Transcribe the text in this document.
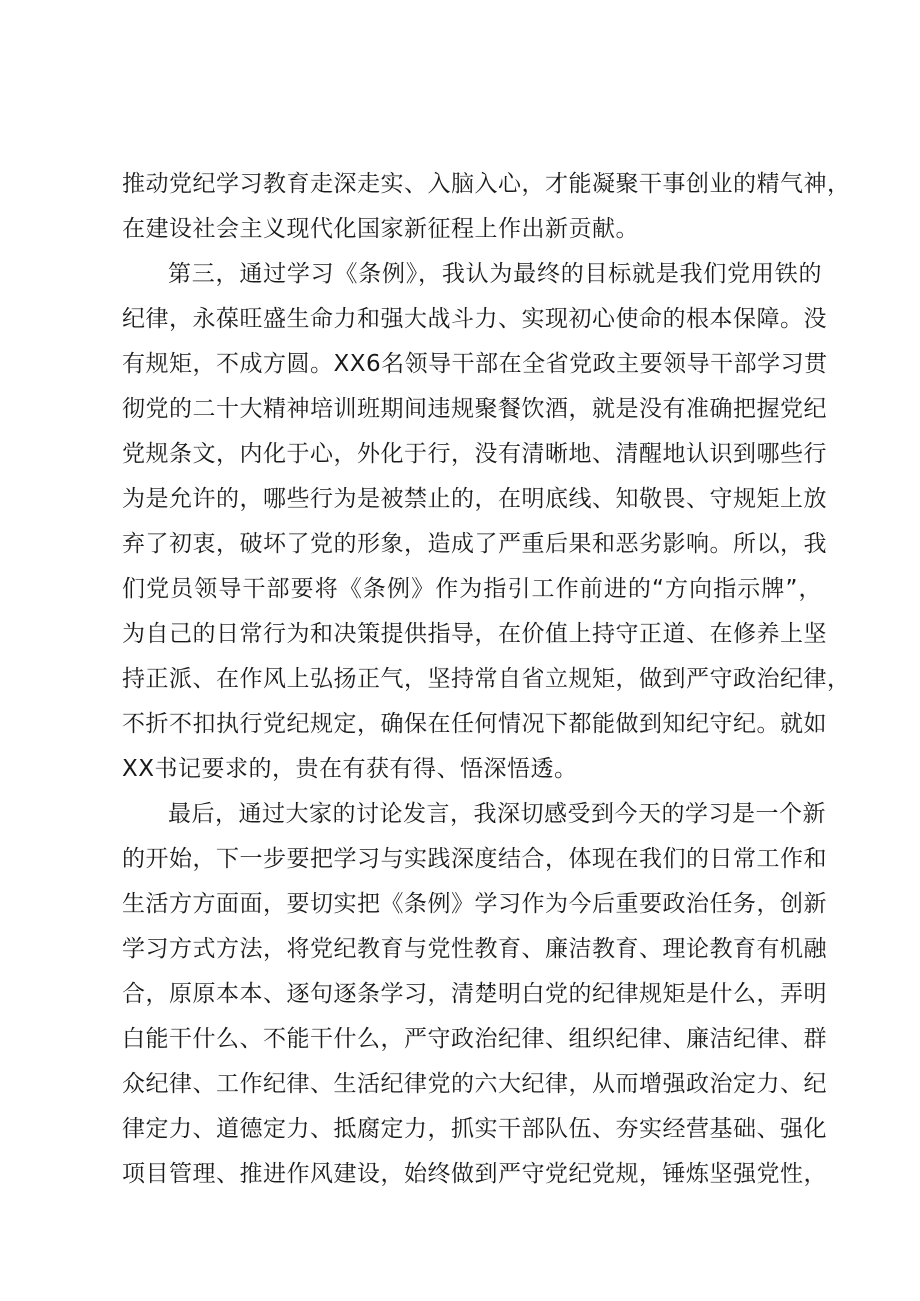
推动党纪学习教育走深走实、入脑入心，才能凝聚干事创业的精气神，
在建设社会主义现代化国家新征程上作出新贡献。
第三，通过学习《条例》，我认为最终的目标就是我们党用铁的
纪律，永葆旺盛生命力和强大战斗力、实现初心使命的根本保障。没
有规矩，不成方圆。XX6名领导干部在全省党政主要领导干部学习贯
彻党的二十大精神培训班期间违规聚餐饮酒，就是没有准确把握党纪
党规条文，内化于心，外化于行，没有清晰地、清醒地认识到哪些行
为是允许的，哪些行为是被禁止的，在明底线、知敬畏、守规矩上放
弃了初衷，破坏了党的形象，造成了严重后果和恶劣影响。所以，我
们党员领导干部要将《条例》作为指引工作前进的“方向指示牌”，
为自己的日常行为和决策提供指导，在价值上持守正道、在修养上坚
持正派、在作风上弘扬正气，坚持常自省立规矩，做到严守政治纪律，
不折不扣执行党纪规定，确保在任何情况下都能做到知纪守纪。就如
XX书记要求的，贵在有获有得、悟深悟透。
最后，通过大家的讨论发言，我深切感受到今天的学习是一个新
的开始，下一步要把学习与实践深度结合，体现在我们的日常工作和
生活方方面面，要切实把《条例》学习作为今后重要政治任务，创新
学习方式方法，将党纪教育与党性教育、廉洁教育、理论教育有机融
合，原原本本、逐句逐条学习，清楚明白党的纪律规矩是什么，弄明
白能干什么、不能干什么，严守政治纪律、组织纪律、廉洁纪律、群
众纪律、工作纪律、生活纪律党的六大纪律，从而增强政治定力、纪
律定力、道德定力、抵腐定力，抓实干部队伍、夯实经营基础、强化
项目管理、推进作风建设，始终做到严守党纪党规，锤炼坚强党性，
